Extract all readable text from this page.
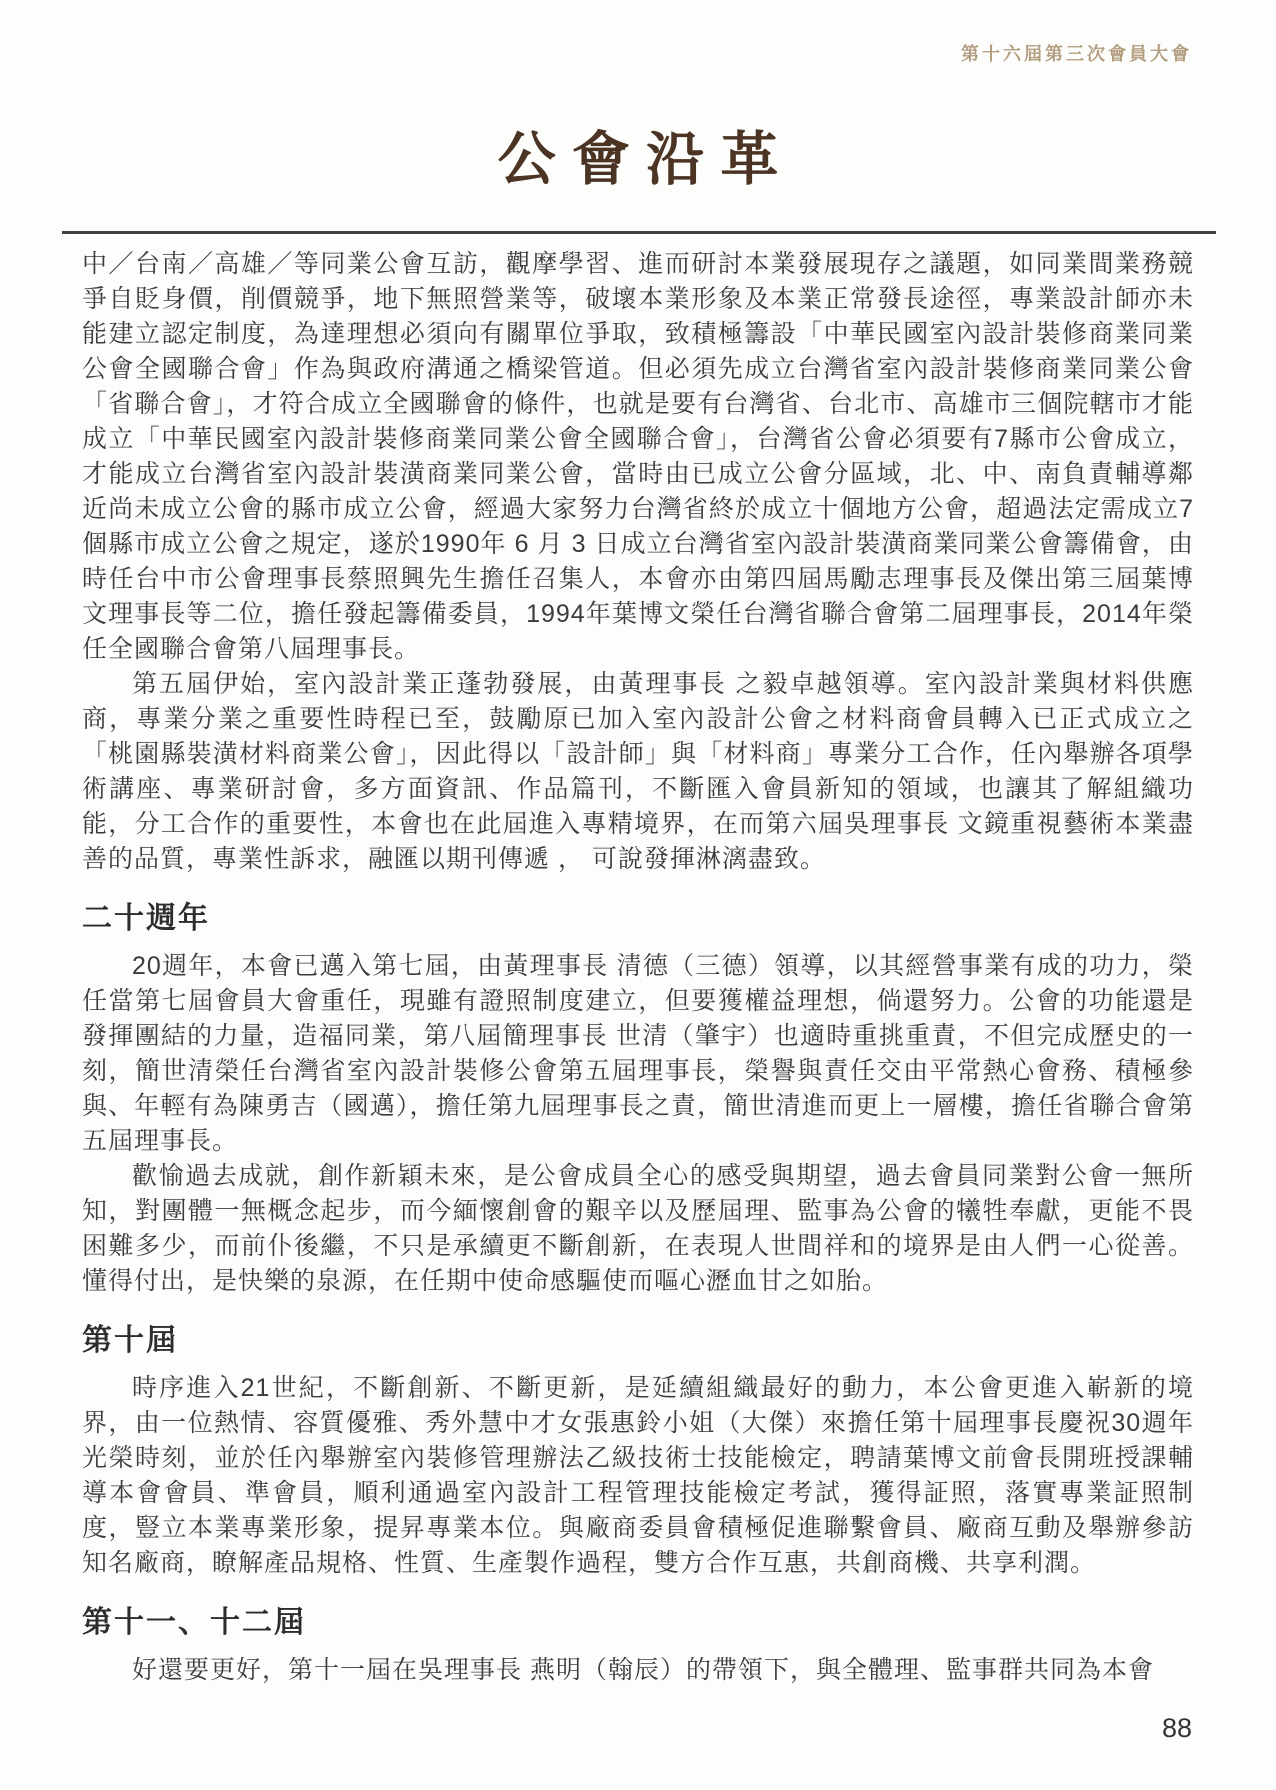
第十六屆第三次會員大會
公會沿革

中／台南／高雄／等同業公會互訪，觀摩學習、進而研討本業發展現存之議題，如同業間業務競爭自貶身價，削價競爭，地下無照營業等，破壞本業形象及本業正常發長途徑，專業設計師亦未能建立認定制度，為達理想必須向有關單位爭取，致積極籌設「中華民國室內設計裝修商業同業公會全國聯合會」作為與政府溝通之橋梁管道。但必須先成立台灣省室內設計裝修商業同業公會「省聯合會」，才符合成立全國聯會的條件，也就是要有台灣省、台北市、高雄市三個院轄市才能成立「中華民國室內設計裝修商業同業公會全國聯合會」，台灣省公會必須要有7縣市公會成立，才能成立台灣省室內設計裝潢商業同業公會，當時由已成立公會分區域，北、中、南負責輔導鄰近尚未成立公會的縣市成立公會，經過大家努力台灣省終於成立十個地方公會，超過法定需成立7個縣市成立公會之規定，遂於1990年 6 月 3 日成立台灣省室內設計裝潢商業同業公會籌備會，由時任台中市公會理事長蔡照興先生擔任召集人，本會亦由第四屆馬勵志理事長及傑出第三屆葉博文理事長等二位，擔任發起籌備委員，1994年葉博文榮任台灣省聯合會第二屆理事長，2014年榮任全國聯合會第八屆理事長。

第五屆伊始，室內設計業正蓬勃發展，由黃理事長 之毅卓越領導。室內設計業與材料供應商，專業分業之重要性時程已至，鼓勵原已加入室內設計公會之材料商會員轉入已正式成立之「桃園縣裝潢材料商業公會」，因此得以「設計師」與「材料商」專業分工合作，任內舉辦各項學術講座、專業研討會，多方面資訊、作品篇刊，不斷匯入會員新知的領域，也讓其了解組織功能，分工合作的重要性，本會也在此屆進入專精境界，在而第六屆吳理事長 文鏡重視藝術本業盡善的品質，專業性訴求，融匯以期刊傳遞 ， 可說發揮淋漓盡致。

二十週年

20週年，本會已邁入第七屆，由黃理事長 清德（三德）領導，以其經營事業有成的功力，榮任當第七屆會員大會重任，現雖有證照制度建立，但要獲權益理想，倘還努力。公會的功能還是發揮團結的力量，造福同業，第八屆簡理事長 世清（肇宇）也適時重挑重責，不但完成歷史的一刻，簡世清榮任台灣省室內設計裝修公會第五屆理事長，榮譽與責任交由平常熱心會務、積極參與、年輕有為陳勇吉（國邁），擔任第九屆理事長之責，簡世清進而更上一層樓，擔任省聯合會第五屆理事長。

歡愉過去成就，創作新穎未來，是公會成員全心的感受與期望，過去會員同業對公會一無所知，對團體一無概念起步，而今緬懷創會的艱辛以及歷屆理、監事為公會的犧牲奉獻，更能不畏困難多少，而前仆後繼，不只是承續更不斷創新，在表現人世間祥和的境界是由人們一心從善。懂得付出，是快樂的泉源，在任期中使命感驅使而嘔心瀝血甘之如胎。

第十屆

時序進入21世紀，不斷創新、不斷更新，是延續組織最好的動力，本公會更進入嶄新的境界，由一位熱情、容質優雅、秀外慧中才女張惠鈴小姐（大傑）來擔任第十屆理事長慶祝30週年光榮時刻，並於任內舉辦室內裝修管理辦法乙級技術士技能檢定，聘請葉博文前會長開班授課輔導本會會員、準會員，順利通過室內設計工程管理技能檢定考試，獲得証照，落實專業証照制度，豎立本業專業形象，提昇專業本位。與廠商委員會積極促進聯繫會員、廠商互動及舉辦參訪知名廠商，瞭解產品規格、性質、生產製作過程，雙方合作互惠，共創商機、共享利潤。

第十一、十二屆

好還要更好，第十一屆在吳理事長 燕明（翰辰）的帶領下，與全體理、監事群共同為本會

88
